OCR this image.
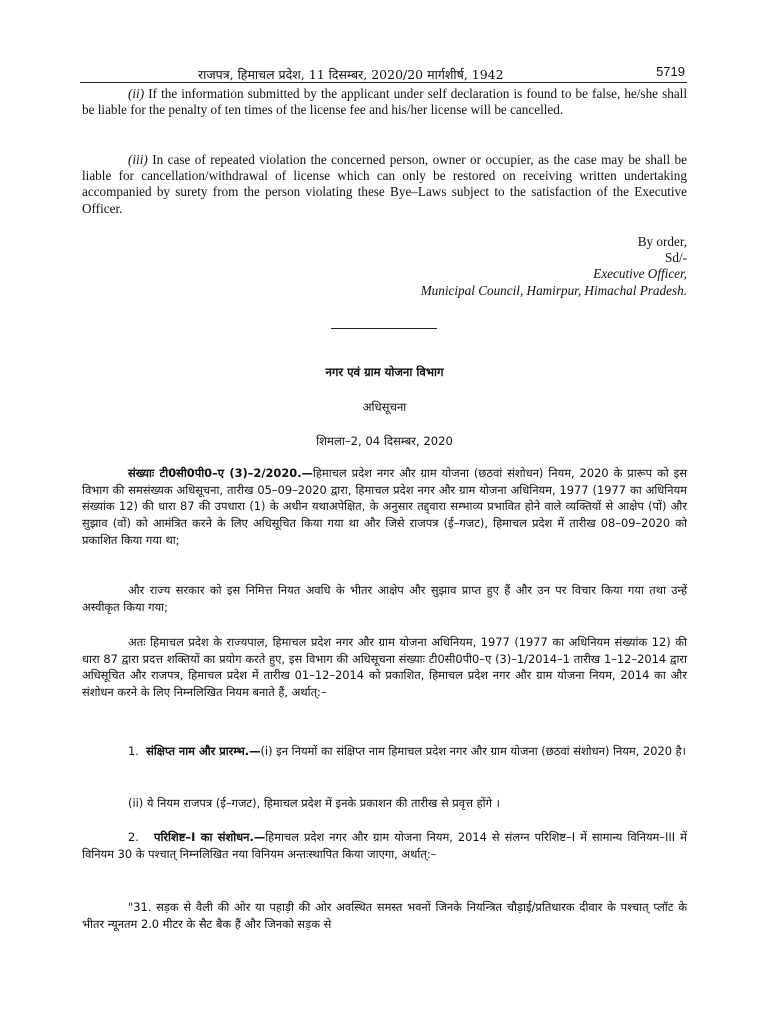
राजपत्र, हिमाचल प्रदेश, 11 दिसम्बर, 2020/20 मार्गशीर्ष, 1942	5719

(ii) If the information submitted by the applicant under self declaration is found to be false, he/she shall be liable for the penalty of ten times of the license fee and his/her license will be cancelled.

(iii) In case of repeated violation the concerned person, owner or occupier, as the case may be shall be liable for cancellation/withdrawal of license which can only be restored on receiving written undertaking accompanied by surety from the person violating these Bye–Laws subject to the satisfaction of the Executive Officer.

By order,
Sd/-
Executive Officer,
Municipal Council, Hamirpur, Himachal Pradesh.
नगर एवं ग्राम योजना विभाग
अधिसूचना
शिमला–2, 04 दिसम्बर, 2020

संख्याः टी0सी0पी0–ए (3)–2/2020.—हिमाचल प्रदेश नगर और ग्राम योजना (छठवां संशोधन) नियम, 2020 के प्रारूप को इस विभाग की समसंख्यक अधिसूचना, तारीख 05–09–2020 द्वारा, हिमाचल प्रदेश नगर और ग्राम योजना अधिनियम, 1977 (1977 का अधिनियम संख्यांक 12) की धारा 87 की उपधारा (1) के अधीन यथाअपेक्षित, के अनुसार तद्द्वारा सम्भाव्य प्रभावित होने वाले व्यक्तियों से आक्षेप (पों) और सुझाव (वों) को आमंत्रित करने के लिए अधिसूचित किया गया था और जिसे राजपत्र (ई–गजट), हिमाचल प्रदेश में तारीख 08–09–2020 को प्रकाशित किया गया था;

और राज्य सरकार को इस निमित्त नियत अवधि के भीतर आक्षेप और सुझाव प्राप्त हुए हैं और उन पर विचार किया गया तथा उन्हें अस्वीकृत किया गया;

अतः हिमाचल प्रदेश के राज्यपाल, हिमाचल प्रदेश नगर और ग्राम योजना अधिनियम, 1977 (1977 का अधिनियम संख्यांक 12) की धारा 87 द्वारा प्रदत्त शक्तियों का प्रयोग करते हुए, इस विभाग की अधिसूचना संख्याः टी0सी0पी0–ए (3)–1/2014–1 तारीख 1–12–2014 द्वारा अधिसूचित और राजपत्र, हिमाचल प्रदेश में तारीख 01–12–2014 को प्रकाशित, हिमाचल प्रदेश नगर और ग्राम योजना नियम, 2014 का और संशोधन करने के लिए निम्नलिखित नियम बनाते हैं, अर्थात्:–

1. संक्षिप्त नाम और प्रारम्भ.—(i) इन नियमों का संक्षिप्त नाम हिमाचल प्रदेश नगर और ग्राम योजना (छठवां संशोधन) नियम, 2020 है।

(ii) ये नियम राजपत्र (ई–गजट), हिमाचल प्रदेश में इनके प्रकाशन की तारीख से प्रवृत्त होंगे ।

2. परिशिष्ट–I का संशोधन.—हिमाचल प्रदेश नगर और ग्राम योजना नियम, 2014 से संलग्न परिशिष्ट–I में सामान्य विनियम–III में विनियम 30 के पश्चात् निम्नलिखित नया विनियम अन्तःस्थापित किया जाएगा, अर्थात्:–

"31. सड़क से वैली की ओर या पहाड़ी की ओर अवस्थित समस्त भवनों जिनके नियन्त्रित चौड़ाई/प्रतिधारक दीवार के पश्चात् प्लॉट के भीतर न्यूनतम 2.0 मीटर के सैट बैक हैं और जिनको सड़क से
